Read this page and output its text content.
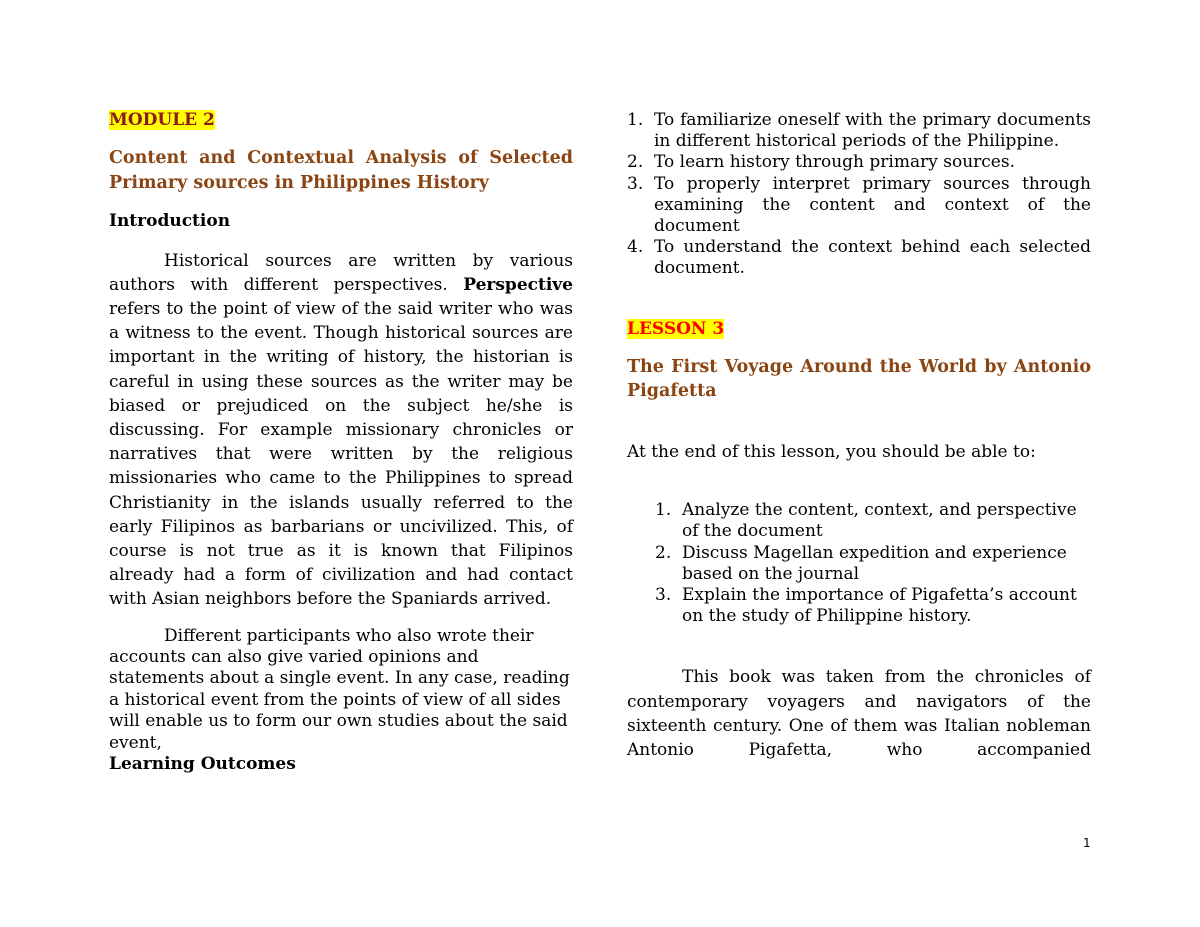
MODULE 2

Content and Contextual Analysis of Selected Primary sources in Philippines History

Introduction

Historical sources are written by various authors with different perspectives. Perspective refers to the point of view of the said writer who was a witness to the event. Though historical sources are important in the writing of history, the historian is careful in using these sources as the writer may be biased or prejudiced on the subject he/she is discussing. For example missionary chronicles or narratives that were written by the religious missionaries who came to the Philippines to spread Christianity in the islands usually referred to the early Filipinos as barbarians or uncivilized. This, of course is not true as it is known that Filipinos already had a form of civilization and had contact with Asian neighbors before the Spaniards arrived.

Different participants who also wrote their accounts can also give varied opinions and statements about a single event. In any case, reading a historical event from the points of view of all sides will enable us to form our own studies about the said event,

Learning Outcomes

1. To familiarize oneself with the primary documents in different historical periods of the Philippine.
2. To learn history through primary sources.
3. To properly interpret primary sources through examining the content and context of the document
4. To understand the context behind each selected document.

LESSON 3

The First Voyage Around the World by Antonio Pigafetta

At the end of this lesson, you should be able to:

1. Analyze the content, context, and perspective of the document
2. Discuss Magellan expedition and experience based on the journal
3. Explain the importance of Pigafetta’s account on the study of Philippine history.

This book was taken from the chronicles of contemporary voyagers and navigators of the sixteenth century. One of them was Italian nobleman Antonio Pigafetta, who accompanied

1
